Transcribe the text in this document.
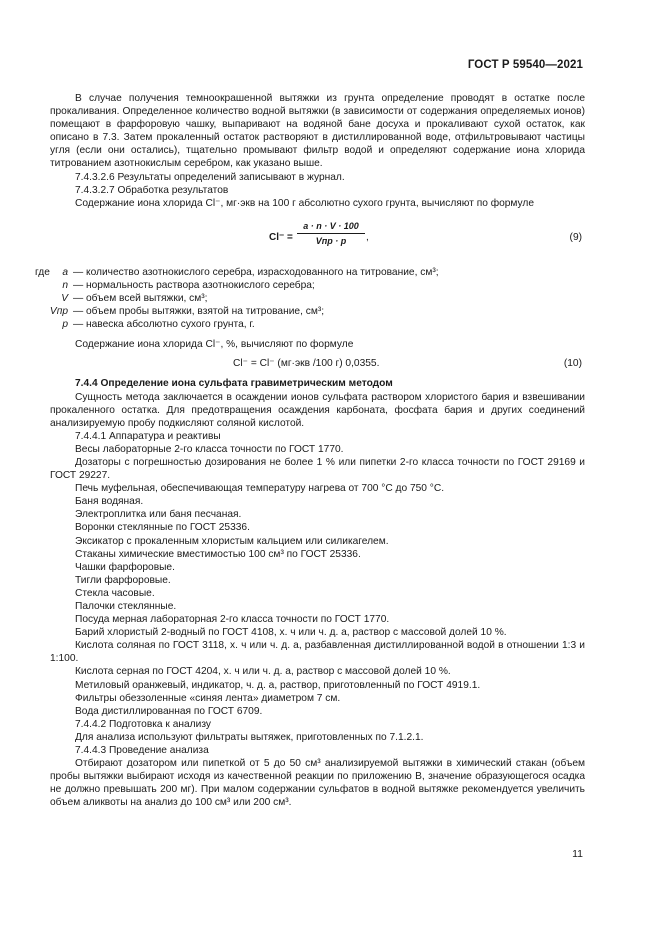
ГОСТ Р 59540—2021

В случае получения темноокрашенной вытяжки из грунта определение проводят в остатке после прокаливания. Определенное количество водной вытяжки (в зависимости от содержания определяемых ионов) помещают в фарфоровую чашку, выпаривают на водяной бане досуха и прокаливают сухой остаток, как описано в 7.3. Затем прокаленный остаток растворяют в дистиллированной воде, отфильтровывают частицы угля (если они остались), тщательно промывают фильтр водой и определяют содержание иона хлорида титрованием азотнокислым серебром, как указано выше.

7.4.3.2.6 Результаты определений записывают в журнал.

7.4.3.2.7 Обработка результатов

Содержание иона хлорида Cl⁻, мг·экв на 100 г абсолютно сухого грунта, вычисляют по формуле

Cl⁻ =
a · n · V · 100
Vпр · p	,	(9)
где	a — количество азотнокислого серебра, израсходованного на титрование, см³;
n — нормальность раствора азотнокислого серебра;
V — объем всей вытяжки, см³;
Vпр — объем пробы вытяжки, взятой на титрование, см³;
p — навеска абсолютно сухого грунта, г.

Содержание иона хлорида Cl⁻, %, вычисляют по формуле

Cl⁻ = Cl⁻ (мг·экв /100 г) 0,0355.	(10)

7.4.4 Определение иона сульфата гравиметрическим методом

Сущность метода заключается в осаждении ионов сульфата раствором хлористого бария и взвешивании прокаленного остатка. Для предотвращения осаждения карбоната, фосфата бария и других соединений анализируемую пробу подкисляют соляной кислотой.

7.4.4.1 Аппаратура и реактивы

Весы лабораторные 2-го класса точности по ГОСТ 1770.

Дозаторы с погрешностью дозирования не более 1 % или пипетки 2-го класса точности по ГОСТ 29169 и ГОСТ 29227.

Печь муфельная, обеспечивающая температуру нагрева от 700 °С до 750 °С.

Баня водяная.

Электроплитка или баня песчаная.

Воронки стеклянные по ГОСТ 25336.

Эксикатор с прокаленным хлористым кальцием или силикагелем.

Стаканы химические вместимостью 100 см³ по ГОСТ 25336.

Чашки фарфоровые.

Тигли фарфоровые.

Стекла часовые.

Палочки стеклянные.

Посуда мерная лабораторная 2-го класса точности по ГОСТ 1770.

Барий хлористый 2-водный по ГОСТ 4108, х. ч или ч. д. а, раствор с массовой долей 10 %.

Кислота соляная по ГОСТ 3118, х. ч или ч. д. а, разбавленная дистиллированной водой в отношении 1:3 и 1:100.

Кислота серная по ГОСТ 4204, х. ч или ч. д. а, раствор с массовой долей 10 %.

Метиловый оранжевый, индикатор, ч. д. а, раствор, приготовленный по ГОСТ 4919.1.

Фильтры обеззоленные «синяя лента» диаметром 7 см.

Вода дистиллированная по ГОСТ 6709.

7.4.4.2 Подготовка к анализу

Для анализа используют фильтраты вытяжек, приготовленных по 7.1.2.1.

7.4.4.3 Проведение анализа

Отбирают дозатором или пипеткой от 5 до 50 см³ анализируемой вытяжки в химический стакан (объем пробы вытяжки выбирают исходя из качественной реакции по приложению В, значение образующегося осадка не должно превышать 200 мг). При малом содержании сульфатов в водной вытяжке рекомендуется увеличить объем аликвоты на анализ до 100 см³ или 200 см³.

11
